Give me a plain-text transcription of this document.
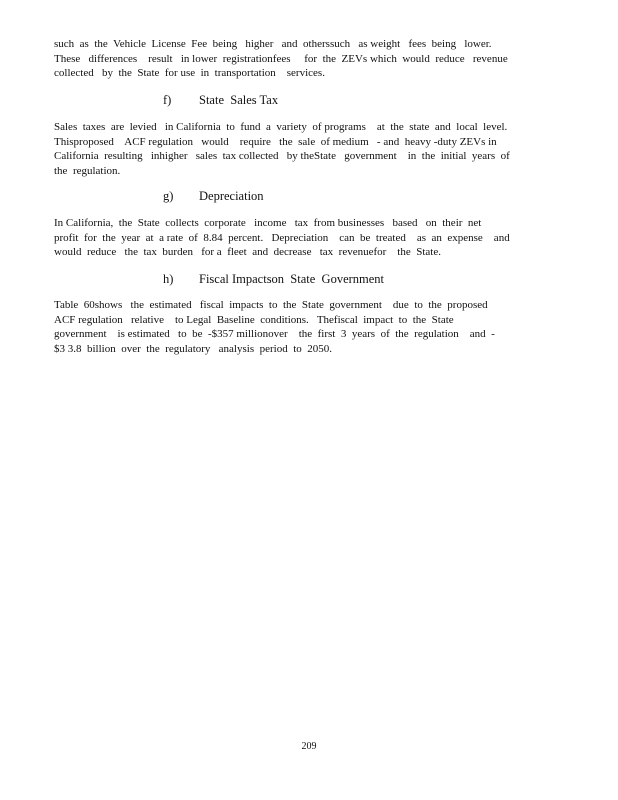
such  as  the  Vehicle  License  Fee  being   higher   and  otherssuch   as weight   fees  being   lower.
These   differences    result   in lower  registrationfees     for  the  ZEVs which  would  reduce   revenue
collected   by  the  State  for use  in  transportation    services.

f) State  Sales Tax

Sales  taxes  are  levied   in California  to  fund  a  variety  of programs    at  the  state  and  local  level.
Thisproposed    ACF regulation   would    require   the  sale  of medium   - and  heavy -duty ZEVs in
California  resulting   inhigher   sales  tax collected   by theState   government    in  the  initial  years  of
the  regulation.

g) Depreciation

In California,  the  State  collects  corporate   income   tax  from businesses   based   on  their  net
profit  for  the  year  at  a rate  of  8.84  percent.   Depreciation    can  be  treated    as  an  expense    and
would  reduce   the  tax  burden   for a  fleet  and  decrease   tax  revenuefor    the  State.

h) Fiscal Impactson  State  Government

Table  60shows   the  estimated   fiscal  impacts  to  the  State  government    due  to  the  proposed
ACF regulation   relative    to Legal  Baseline  conditions.   Thefiscal  impact  to  the  State
government    is estimated   to  be  -$357 millionover    the  first  3  years  of  the  regulation    and  -
$3 3.8  billion  over  the  regulatory   analysis  period  to  2050.

209
